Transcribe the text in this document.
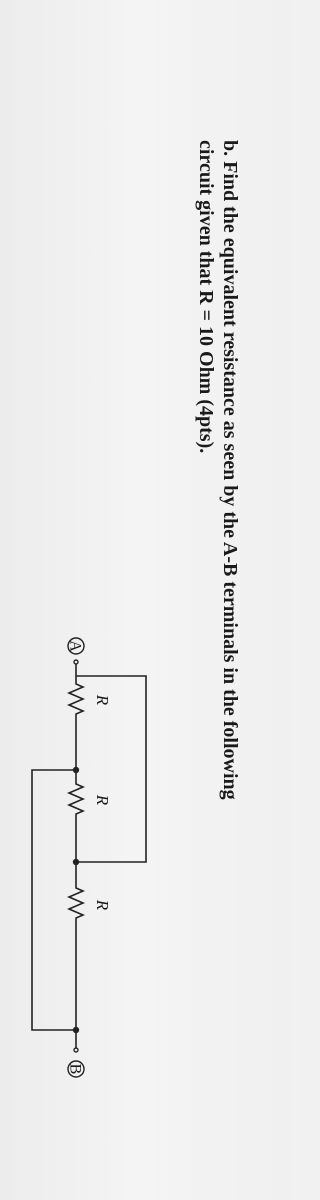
b. Find the equivalent resistance as seen by the A-B terminals in the following
circuit given that R = 10 Ohm (4pts).

A
B
R
R
R
